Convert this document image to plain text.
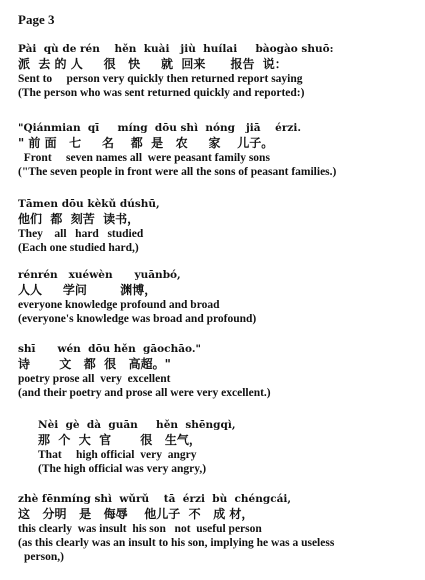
Page 3
Pài  qù de rén    hěn  kuài   jiù  huílai     bàogào shuō:
派  去 的 人     很   快     就  回来      报告  说：
Sent to     person very quickly then returned report saying
(The person who was sent returned quickly and reported:)
"Qiánmian  qī     míng  dōu shì  nóng   jiā    érzi.
" 前 面   七     名    都  是   农     家    儿子。
Front     seven names all  were peasant family sons
("The seven people in front were all the sons of peasant families.)
Tāmen dōu kèkǔ dúshū,
他们  都  刻苦  读书，
They    all   hard   studied
(Each one studied hard,)
rénrén   xuéwèn      yuānbó,
人人     学问        渊博，
everyone knowledge profound and broad
(everyone's knowledge was broad and profound)
shī      wén  dōu hěn  gāochāo."
诗       文   都  很   高超。"
poetry prose all  very  excellent
(and their poetry and prose all were very excellent.)
Nèi  gè  dà  guān     hěn  shēngqì,
那  个  大  官       很   生气，
That     high official  very  angry
(The high official was very angry,)
zhè fēnmíng shì  wǔrǔ    tā  érzi  bù  chéngcái,
这   分明   是   侮辱    他儿子  不   成 材，
this clearly  was insult  his son   not  useful person
(as this clearly was an insult to his son, implying he was a useless
person,)
